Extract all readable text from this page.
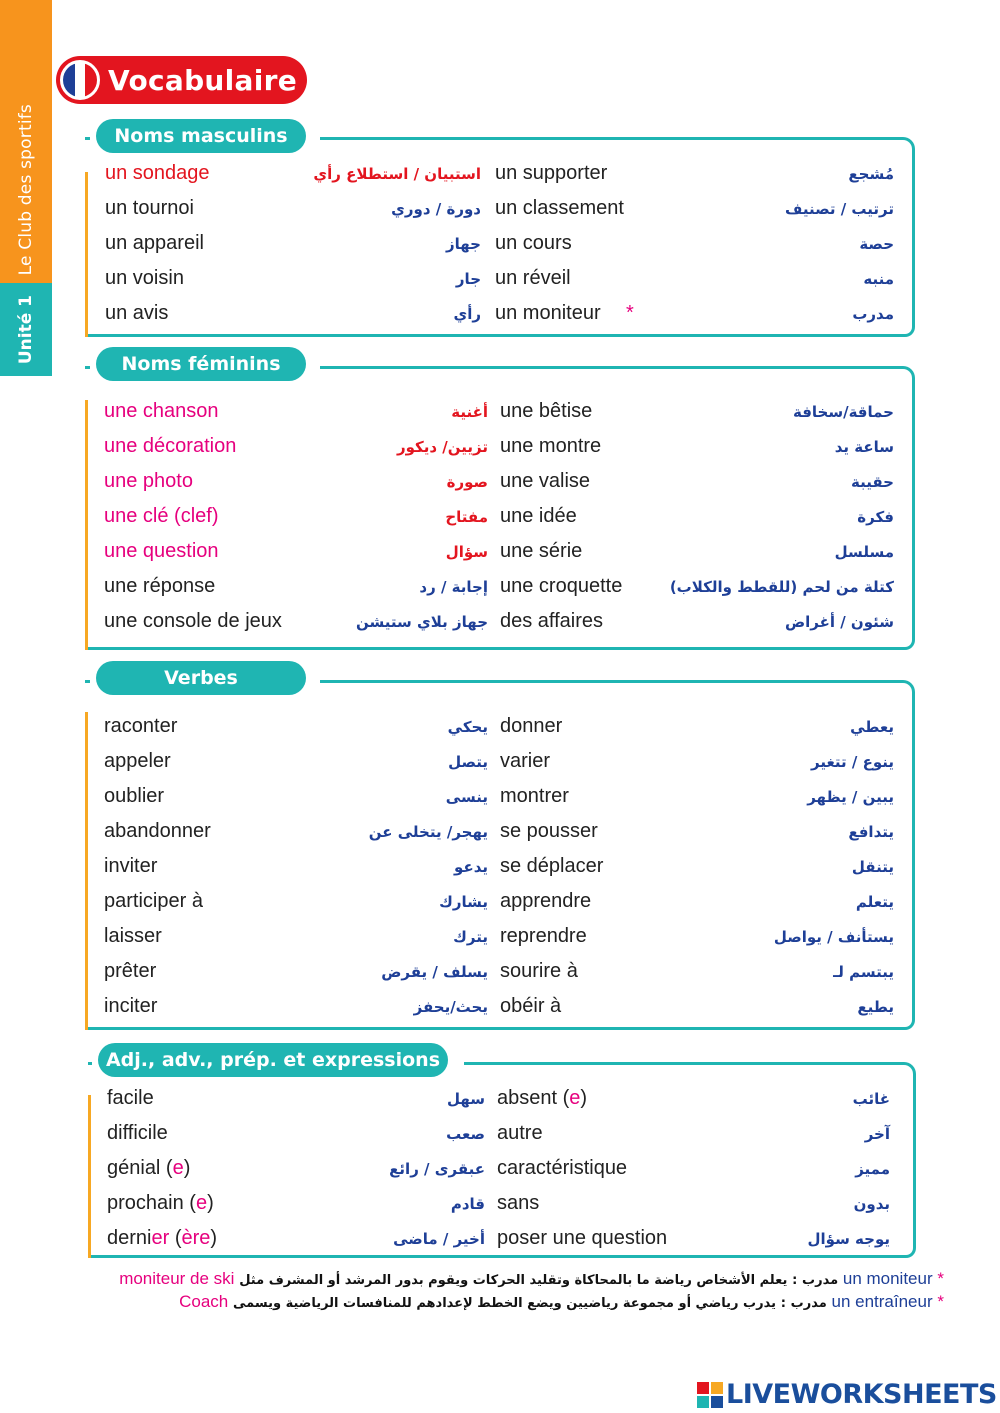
Le Club des sportifs
Unité 1
Vocabulaire
Noms masculins
un sondage	استبيان / استطلاع رأي un supporter	مُشجع
un tournoi	دورة / دوري un classement	ترتيب / تصنيف
un appareil	جهاز un cours	حصة
un voisin	جار un réveil	منبه
un avis	رأي un moniteur *	مدرب
Noms féminins
une chanson	أغنية une bêtise	حماقة/سخافة
une décoration	تزيين/ ديكور une montre	ساعة يد
une photo	صورة une valise	حقيبة
une clé (clef)	مفتاح une idée	فكرة
une question	سؤال une série	مسلسل
une réponse	إجابة / رد une croquette	كتلة من لحم (للقطط والكلاب)
une console de jeux	جهاز بلاي ستيشن des affaires	شئون / أغراض
Verbes
raconter	يحكي donner	يعطي
appeler	يتصل varier	ينوع / تتغير
oublier	ينسى montrer	يبين / يظهر
abandonner	يهجر/ يتخلى عن se pousser	يتدافع
inviter	يدعو se déplacer	يتنقل
participer à	يشارك apprendre	يتعلم
laisser	يترك reprendre	يستأنف / يواصل
prêter	يسلف / يقرض sourire à	يبتسم لـ
inciter	يحث/يحفز obéir à	يطيع
Adj., adv., prép. et expressions
facile	سهل absent (e)	غائب
difficile	صعب autre	آخر
génial (e)	عبقرى / رائع caractéristique	مميز
prochain (e)	قادم sans	بدون
dernier (ère)	أخير / ماضى poser une question	يوجه سؤال
* un moniteur مدرب : يعلم الأشخاص رياضة ما بالمحاكاة وتقليد الحركات ويقوم بدور المرشد أو المشرف مثل moniteur de ski
* un entraîneur مدرب : يدرب رياضي أو مجموعة رياضيين ويضع الخطط لإعدادهم للمنافسات الرياضية ويسمى Coach
LIVEWORKSHEETS
